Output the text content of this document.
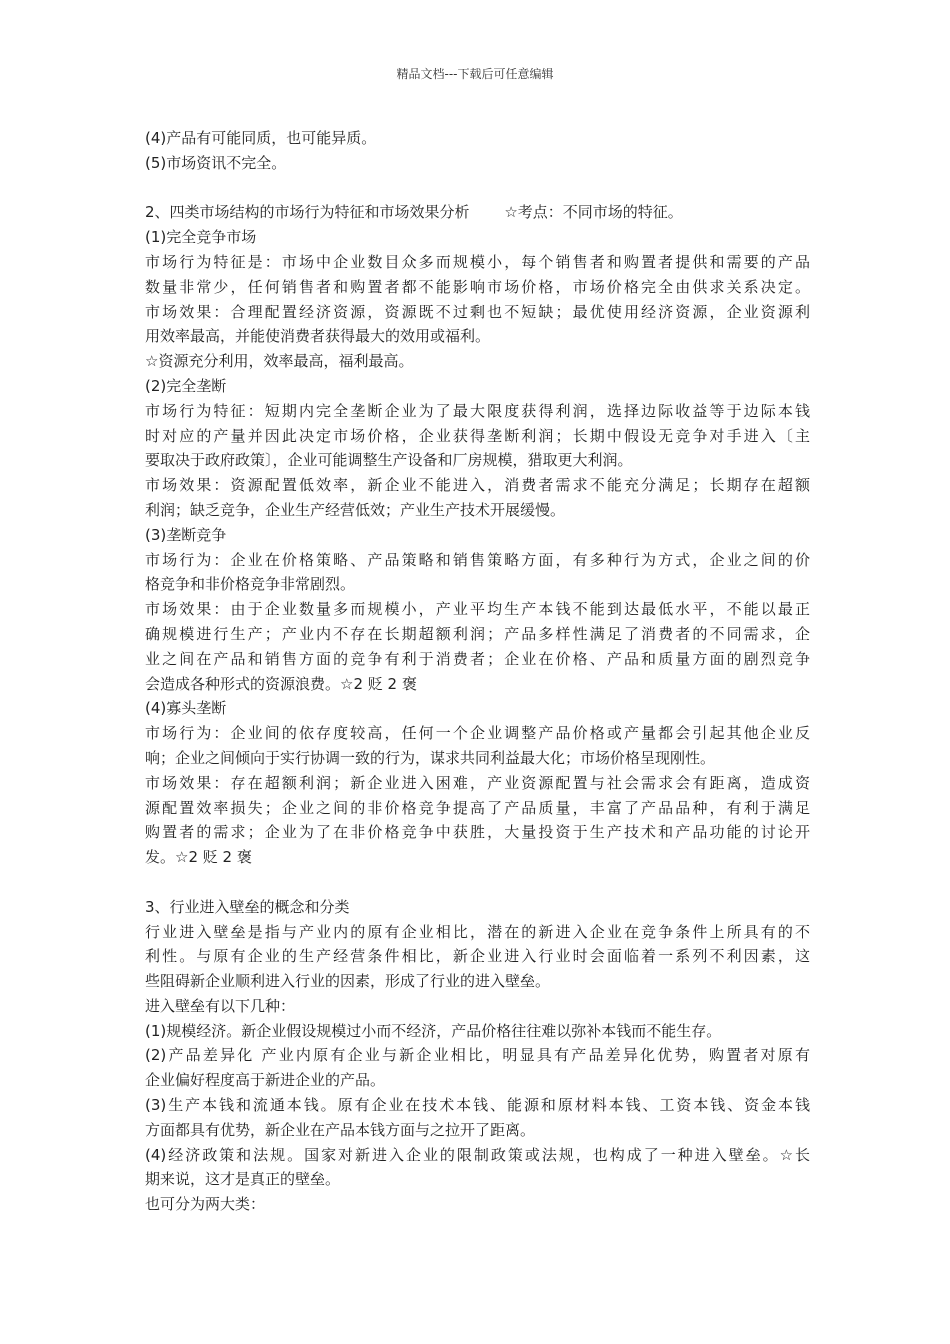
精品文档---下载后可任意编辑
(4)产品有可能同质，也可能异质。
(5)市场资讯不完全。
2、四类市场结构的市场行为特征和市场效果分析 　　☆考点：不同市场的特征。
(1)完全竞争市场
市场行为特征是：市场中企业数目众多而规模小，每个销售者和购置者提供和需要的产品
数量非常少，任何销售者和购置者都不能影响市场价格，市场价格完全由供求关系决定。
市场效果：合理配置经济资源，资源既不过剩也不短缺；最优使用经济资源，企业资源利
用效率最高，并能使消费者获得最大的效用或福利。
☆资源充分利用，效率最高，福利最高。
(2)完全垄断
市场行为特征：短期内完全垄断企业为了最大限度获得利润，选择边际收益等于边际本钱
时对应的产量并因此决定市场价格，企业获得垄断利润；长期中假设无竞争对手进入〔主
要取决于政府政策〕，企业可能调整生产设备和厂房规模，猎取更大利润。
市场效果：资源配置低效率，新企业不能进入，消费者需求不能充分满足；长期存在超额
利润；缺乏竞争，企业生产经营低效；产业生产技术开展缓慢。
(3)垄断竞争
市场行为：企业在价格策略、产品策略和销售策略方面，有多种行为方式，企业之间的价
格竞争和非价格竞争非常剧烈。
市场效果：由于企业数量多而规模小，产业平均生产本钱不能到达最低水平，不能以最正
确规模进行生产；产业内不存在长期超额利润；产品多样性满足了消费者的不同需求，企
业之间在产品和销售方面的竞争有利于消费者；企业在价格、产品和质量方面的剧烈竞争
会造成各种形式的资源浪费。☆2 贬 2 褒
(4)寡头垄断
市场行为：企业间的依存度较高，任何一个企业调整产品价格或产量都会引起其他企业反
响；企业之间倾向于实行协调一致的行为，谋求共同利益最大化；市场价格呈现刚性。
市场效果：存在超额利润；新企业进入困难，产业资源配置与社会需求会有距离，造成资
源配置效率损失；企业之间的非价格竞争提高了产品质量，丰富了产品品种，有利于满足
购置者的需求；企业为了在非价格竞争中获胜，大量投资于生产技术和产品功能的讨论开
发。☆2 贬 2 褒
3、行业进入壁垒的概念和分类
行业进入壁垒是指与产业内的原有企业相比，潜在的新进入企业在竞争条件上所具有的不
利性。与原有企业的生产经营条件相比，新企业进入行业时会面临着一系列不利因素，这
些阻碍新企业顺利进入行业的因素，形成了行业的进入壁垒。
进入壁垒有以下几种：
(1)规模经济。新企业假设规模过小而不经济，产品价格往往难以弥补本钱而不能生存。
(2)产品差异化 产业内原有企业与新企业相比，明显具有产品差异化优势，购置者对原有
企业偏好程度高于新进企业的产品。
(3)生产本钱和流通本钱。原有企业在技术本钱、能源和原材料本钱、工资本钱、资金本钱
方面都具有优势，新企业在产品本钱方面与之拉开了距离。
(4)经济政策和法规。国家对新进入企业的限制政策或法规，也构成了一种进入壁垒。☆长
期来说，这才是真正的壁垒。
也可分为两大类：
